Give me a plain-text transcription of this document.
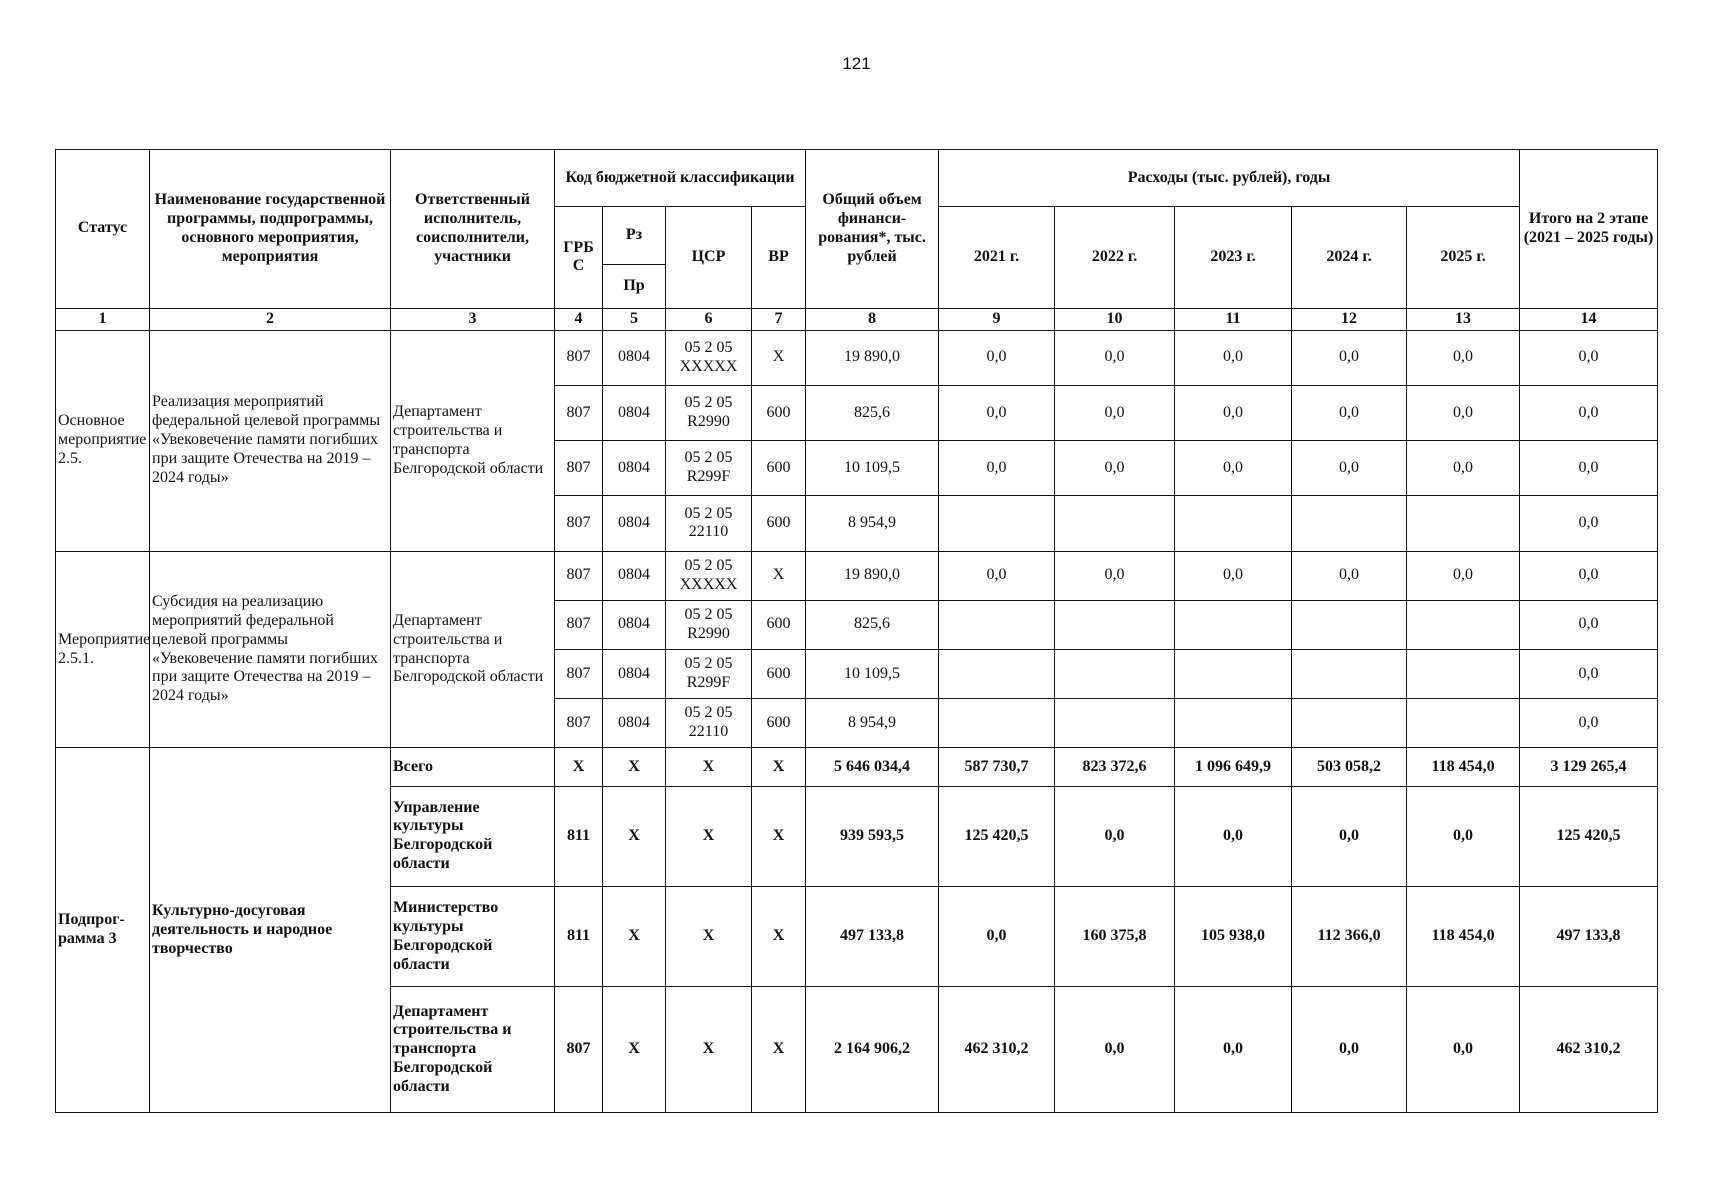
121
Статус	Наименование государственной программы, подпрограммы, основного мероприятия, мероприятия	Ответственный исполнитель, соисполнители, участники	Код бюджетной классификации				Общий объем финанси- рования*, тыс. рублей	Расходы (тыс. рублей), годы					Итого на 2 этапе (2021 – 2025 годы)
			ГРБ С	Рз	ЦСР	ВР		2021 г.	2022 г.	2023 г.	2024 г.	2025 г.	
				Пр									
1	2	3	4	5	6	7	8	9	10	11	12	13	14
Основное мероприятие 2.5.	Реализация мероприятий федеральной целевой программы «Увековечение памяти погибших при защите Отечества на 2019 – 2024 годы»	Департамент строительства и транспорта Белгородской области	807	0804	05 2 05 XXXXX	X	19 890,0	0,0	0,0	0,0	0,0	0,0	0,0
			807	0804	05 2 05 R2990	600	825,6	0,0	0,0	0,0	0,0	0,0	0,0
			807	0804	05 2 05 R299F	600	10 109,5	0,0	0,0	0,0	0,0	0,0	0,0
			807	0804	05 2 05 22110	600	8 954,9						0,0
Мероприятие 2.5.1.	Субсидия на реализацию мероприятий федеральной целевой программы «Увековечение памяти погибших при защите Отечества на 2019 – 2024 годы»	Департамент строительства и транспорта Белгородской области	807	0804	05 2 05 XXXXX	X	19 890,0	0,0	0,0	0,0	0,0	0,0	0,0
			807	0804	05 2 05 R2990	600	825,6						0,0
			807	0804	05 2 05 R299F	600	10 109,5						0,0
			807	0804	05 2 05 22110	600	8 954,9						0,0
Подпрог- рамма 3	Культурно-досуговая деятельность и народное творчество	Всего	X	X	X	X	5 646 034,4	587 730,7	823 372,6	1 096 649,9	503 058,2	118 454,0	3 129 265,4
		Управление культуры Белгородской области	811	X	X	X	939 593,5	125 420,5	0,0	0,0	0,0	0,0	125 420,5
		Министерство культуры Белгородской области	811	X	X	X	497 133,8	0,0	160 375,8	105 938,0	112 366,0	118 454,0	497 133,8
		Департамент строительства и транспорта Белгородской области	807	X	X	X	2 164 906,2	462 310,2	0,0	0,0	0,0	0,0	462 310,2
